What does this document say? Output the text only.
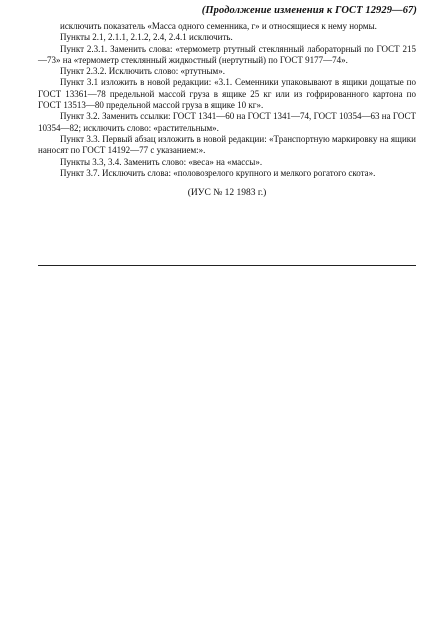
(Продолжение изменения к ГОСТ 12929—67)

исключить показатель «Масса одного семенника, г» и относящиеся к нему нормы.

Пункты 2.1, 2.1.1, 2.1.2, 2.4, 2.4.1 исключить.

Пункт 2.3.1. Заменить слова: «термометр ртутный стеклянный лабораторный по ГОСТ 215—73» на «термометр стеклянный жидкостный (нертутный) по ГОСТ 9177—74».

Пункт 2.3.2. Исключить слово: «ртутным».

Пункт 3.1 изложить в новой редакции: «3.1. Семенники упаковывают в ящики дощатые по ГОСТ 13361—78 предельной массой груза в ящике 25 кг или из гофрированного картона по ГОСТ 13513—80 предельной массой груза в ящике 10 кг».

Пункт 3.2. Заменить ссылки: ГОСТ 1341—60 на ГОСТ 1341—74, ГОСТ 10354—63 на ГОСТ 10354—82; исключить слово: «растительным».

Пункт 3.3. Первый абзац изложить в новой редакции: «Транспортную маркировку на ящики наносят по ГОСТ 14192—77 с указанием:».

Пункты 3.3, 3.4. Заменить слово: «веса» на «массы».

Пункт 3.7. Исключить слова: «половозрелого крупного и мелкого рогатого скота».

(ИУС № 12 1983 г.)
